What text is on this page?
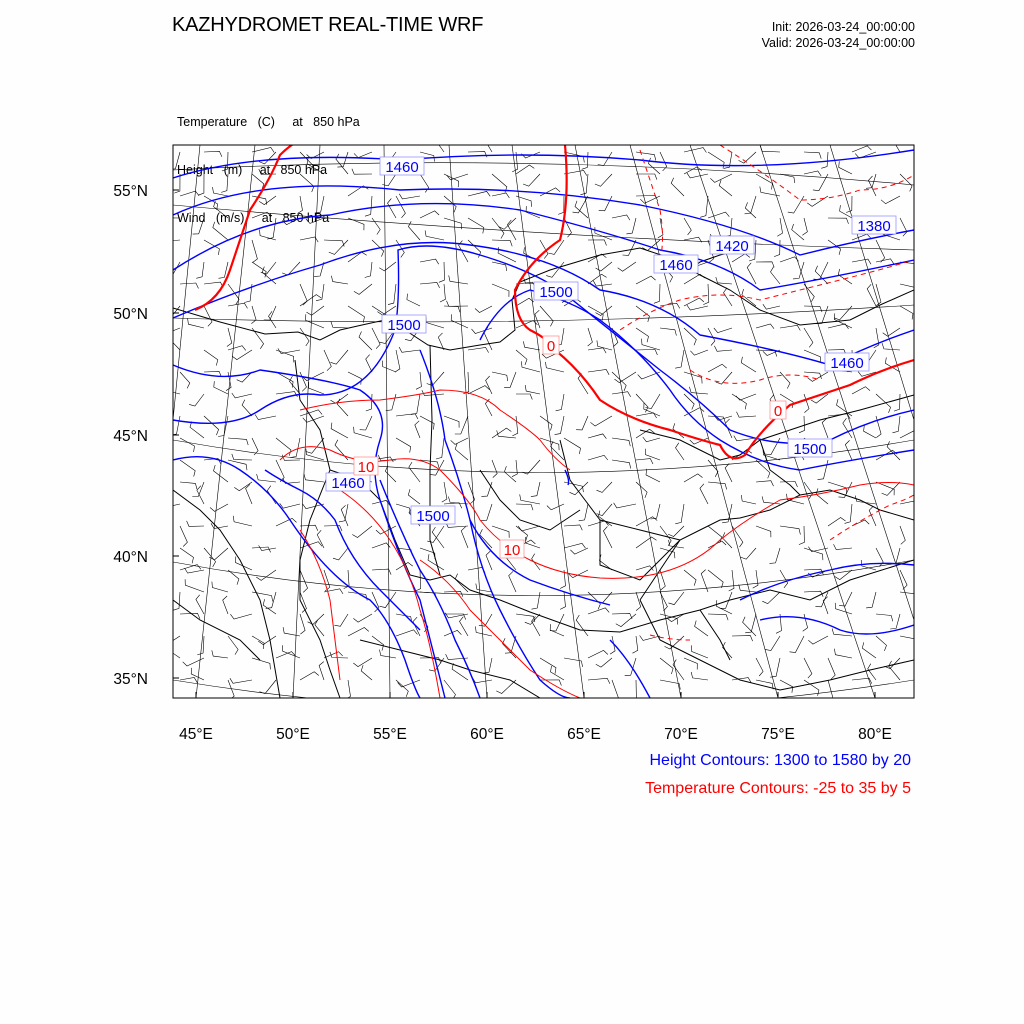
KAZHYDROMET REAL-TIME WRF	Init: 2026-03-24_00:00:00
Valid: 2026-03-24_00:00:00

Temperature (C) at   850 hPa

Height (m) at   850 hPa

Wind (m/s) at   850 hPa

55°N
50°N
45°N
40°N
35°N
45°E	50°E	55°E	60°E	65°E	70°E	75°E	80°E
1460
1420
1380
1460
1500
1500
1460
1500
1460
1500
0
0
10
10
Height Contours: 1300 to 1580 by 20
Temperature Contours: -25 to 35 by 5
